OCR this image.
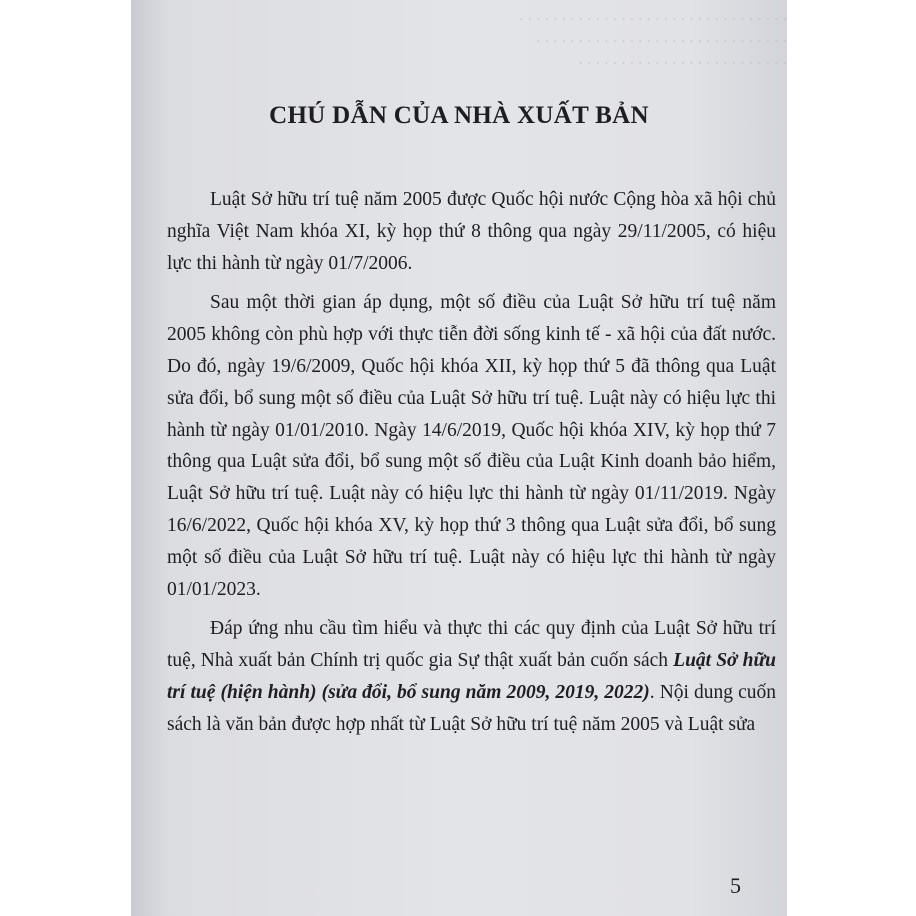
. . . . . . . . . . . . . . . . . . . . . . . . . . . . . . . .
. . . . . . . . . . . . . . . . . . . . . . . . . . . . . .
. . . . . . . . . . . . . . . . . . . . . . . . .
CHÚ DẪN CỦA NHÀ XUẤT BẢN

Luật Sở hữu trí tuệ năm 2005 được Quốc hội nước Cộng hòa xã hội chủ nghĩa Việt Nam khóa XI, kỳ họp thứ 8 thông qua ngày 29/11/2005, có hiệu lực thi hành từ ngày 01/7/2006.

Sau một thời gian áp dụng, một số điều của Luật Sở hữu trí tuệ năm 2005 không còn phù hợp với thực tiễn đời sống kinh tế - xã hội của đất nước. Do đó, ngày 19/6/2009, Quốc hội khóa XII, kỳ họp thứ 5 đã thông qua Luật sửa đổi, bổ sung một số điều của Luật Sở hữu trí tuệ. Luật này có hiệu lực thi hành từ ngày 01/01/2010. Ngày 14/6/2019, Quốc hội khóa XIV, kỳ họp thứ 7 thông qua Luật sửa đổi, bổ sung một số điều của Luật Kinh doanh bảo hiểm, Luật Sở hữu trí tuệ. Luật này có hiệu lực thi hành từ ngày 01/11/2019. Ngày 16/6/2022, Quốc hội khóa XV, kỳ họp thứ 3 thông qua Luật sửa đổi, bổ sung một số điều của Luật Sở hữu trí tuệ. Luật này có hiệu lực thi hành từ ngày 01/01/2023.

Đáp ứng nhu cầu tìm hiểu và thực thi các quy định của Luật Sở hữu trí tuệ, Nhà xuất bản Chính trị quốc gia Sự thật xuất bản cuốn sách Luật Sở hữu trí tuệ (hiện hành) (sửa đổi, bổ sung năm 2009, 2019, 2022). Nội dung cuốn sách là văn bản được hợp nhất từ Luật Sở hữu trí tuệ năm 2005 và Luật sửa

5
